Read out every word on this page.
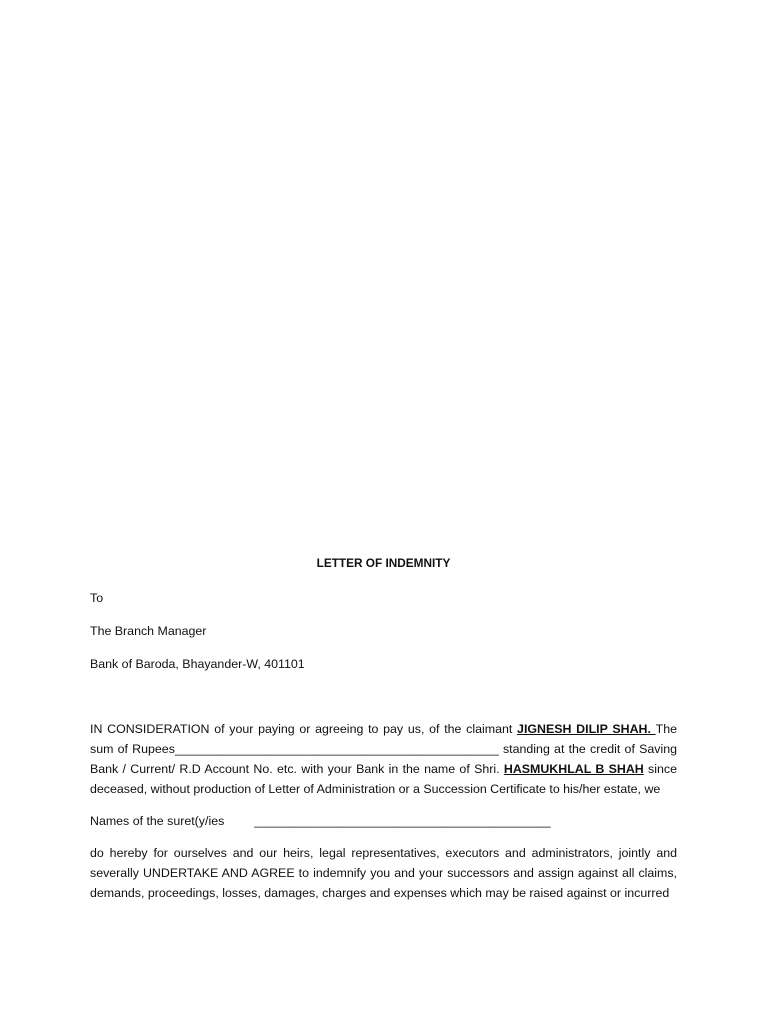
LETTER OF INDEMNITY

To

The Branch Manager

Bank of Baroda, Bhayander-W, 401101

IN CONSIDERATION of your paying or agreeing to pay us, of the claimant JIGNESH DILIP SHAH. The sum of Rupees_______________________________________________ standing at the credit of Saving Bank / Current/ R.D Account No. etc. with your Bank in the name of Shri. HASMUKHLAL B SHAH since deceased, without production of Letter of Administration or a Succession Certificate to his/her estate, we

Names of the suret(y/ies ___________________________________________

do hereby for ourselves and our heirs, legal representatives, executors and administrators, jointly and severally UNDERTAKE AND AGREE to indemnify you and your successors and assign against all claims, demands, proceedings, losses, damages, charges and expenses which may be raised against or incurred
